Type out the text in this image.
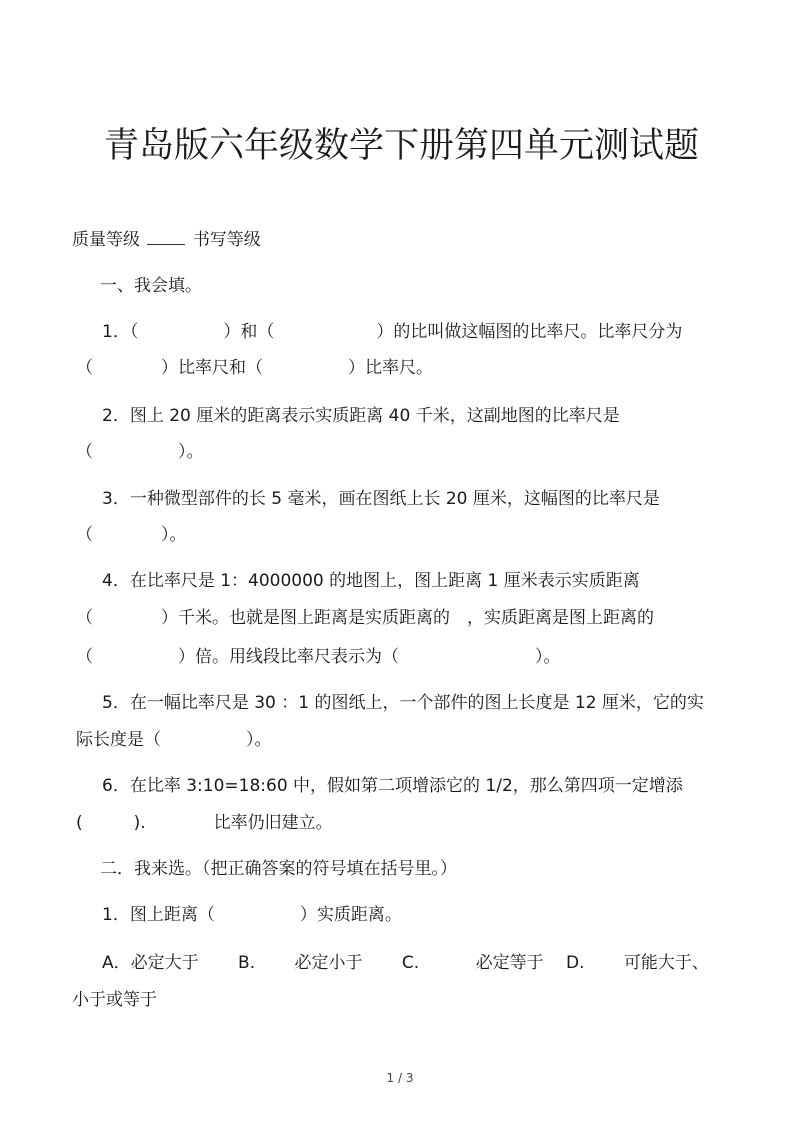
青岛版六年级数学下册第四单元测试题
质量等级	书写等级
一、我会填。
1．（　　　　　）和（　　　　　　）的比叫做这幅图的比率尺。比率尺分为
（　　　　）比率尺和（　　　　　）比率尺。
2．图上 20 厘米的距离表示实质距离 40 千米，这副地图的比率尺是
（　　　　　）。
3．一种微型部件的长 5 毫米，画在图纸上长 20 厘米，这幅图的比率尺是
（　　　　）。
4．在比率尺是 1：4000000 的地图上，图上距离 1 厘米表示实质距离
（　　　　）千米。也就是图上距离是实质距离的　，实质距离是图上距离的
（　　　　　）倍。用线段比率尺表示为（　　　　　　　　）。
5．在一幅比率尺是 30 ：1 的图纸上，一个部件的图上长度是 12 厘米，它的实
际长度是（　　　　　）。
6．在比率 3:10=18:60 中，假如第二项增添它的 1/2，那么第四项一定增添
(　　　).　　　　比率仍旧建立。
二．我来选。（把正确答案的符号填在括号里。）
1．图上距离（　　　　　）实质距离。
A．必定大于　　 B.　　 必定小于　　 C.　　　 必定等于　 D.　　 可能大于、
小于或等于
1 / 3
